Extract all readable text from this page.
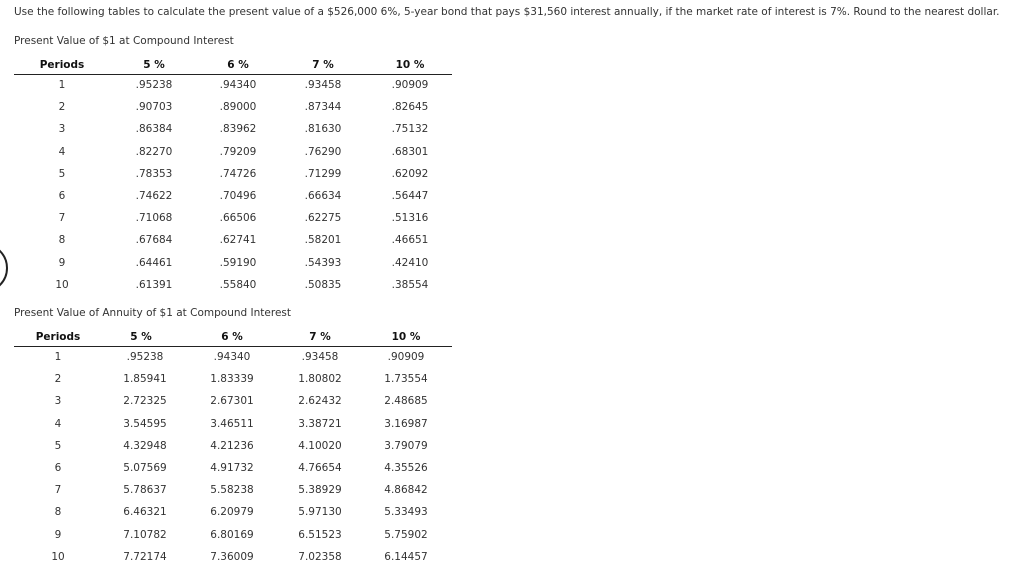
Use the following tables to calculate the present value of a $526,000 6%, 5-year bond that pays $31,560 interest annually, if the market rate of interest is 7%. Round to the nearest dollar.
Present Value of $1 at Compound Interest
Periods	5 %	6 %	7 %	10 %
1	.95238	.94340	.93458	.90909
2	.90703	.89000	.87344	.82645
3	.86384	.83962	.81630	.75132
4	.82270	.79209	.76290	.68301
5	.78353	.74726	.71299	.62092
6	.74622	.70496	.66634	.56447
7	.71068	.66506	.62275	.51316
8	.67684	.62741	.58201	.46651
9	.64461	.59190	.54393	.42410
10	.61391	.55840	.50835	.38554
Present Value of Annuity of $1 at Compound Interest
Periods	5 %	6 %	7 %	10 %
1	.95238	.94340	.93458	.90909
2	1.85941	1.83339	1.80802	1.73554
3	2.72325	2.67301	2.62432	2.48685
4	3.54595	3.46511	3.38721	3.16987
5	4.32948	4.21236	4.10020	3.79079
6	5.07569	4.91732	4.76654	4.35526
7	5.78637	5.58238	5.38929	4.86842
8	6.46321	6.20979	5.97130	5.33493
9	7.10782	6.80169	6.51523	5.75902
10	7.72174	7.36009	7.02358	6.14457
